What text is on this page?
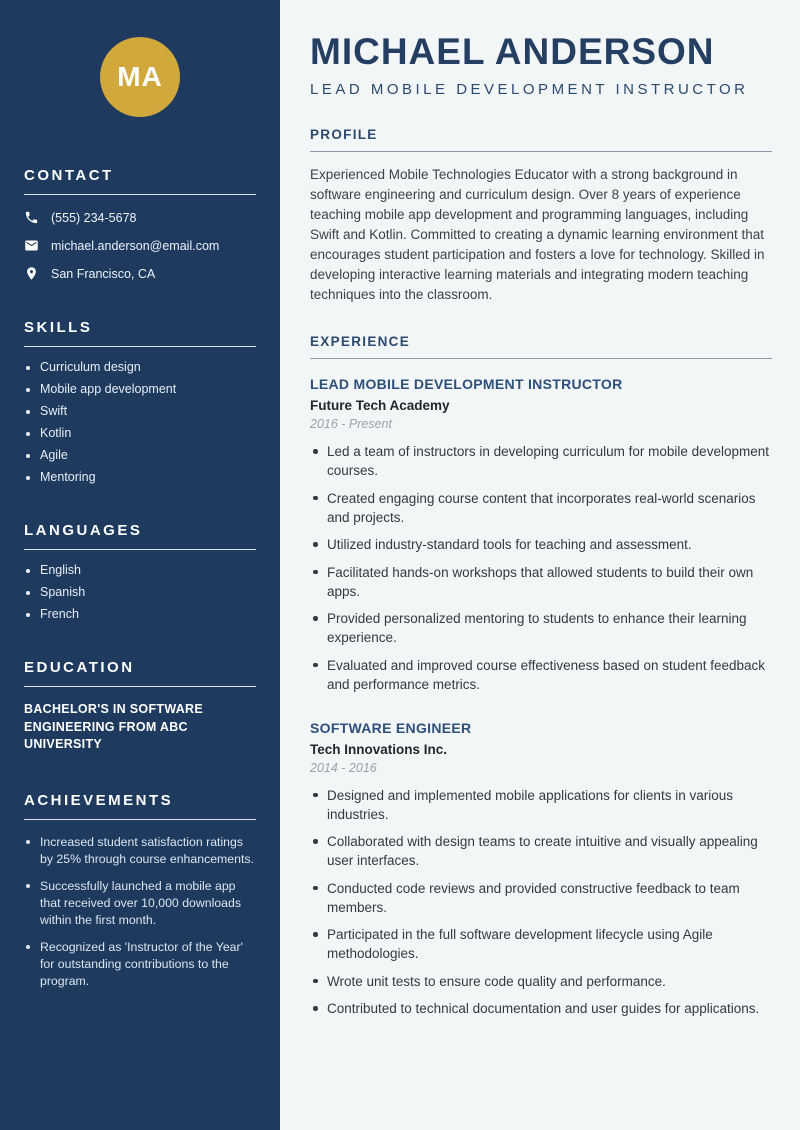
MA
CONTACT
(555) 234-5678
michael.anderson@email.com
San Francisco, CA
SKILLS
Curriculum design
Mobile app development
Swift
Kotlin
Agile
Mentoring
LANGUAGES
English
Spanish
French
EDUCATION
BACHELOR'S IN SOFTWARE ENGINEERING FROM ABC UNIVERSITY
ACHIEVEMENTS
Increased student satisfaction ratings by 25% through course enhancements.
Successfully launched a mobile app that received over 10,000 downloads within the first month.
Recognized as 'Instructor of the Year' for outstanding contributions to the program.
MICHAEL ANDERSON
LEAD MOBILE DEVELOPMENT INSTRUCTOR
PROFILE

Experienced Mobile Technologies Educator with a strong background in software engineering and curriculum design. Over 8 years of experience teaching mobile app development and programming languages, including Swift and Kotlin. Committed to creating a dynamic learning environment that encourages student participation and fosters a love for technology. Skilled in developing interactive learning materials and integrating modern teaching techniques into the classroom.

EXPERIENCE
LEAD MOBILE DEVELOPMENT INSTRUCTOR
Future Tech Academy
2016 - Present
Led a team of instructors in developing curriculum for mobile development courses.
Created engaging course content that incorporates real-world scenarios and projects.
Utilized industry-standard tools for teaching and assessment.
Facilitated hands-on workshops that allowed students to build their own apps.
Provided personalized mentoring to students to enhance their learning experience.
Evaluated and improved course effectiveness based on student feedback and performance metrics.
SOFTWARE ENGINEER
Tech Innovations Inc.
2014 - 2016
Designed and implemented mobile applications for clients in various industries.
Collaborated with design teams to create intuitive and visually appealing user interfaces.
Conducted code reviews and provided constructive feedback to team members.
Participated in the full software development lifecycle using Agile methodologies.
Wrote unit tests to ensure code quality and performance.
Contributed to technical documentation and user guides for applications.
